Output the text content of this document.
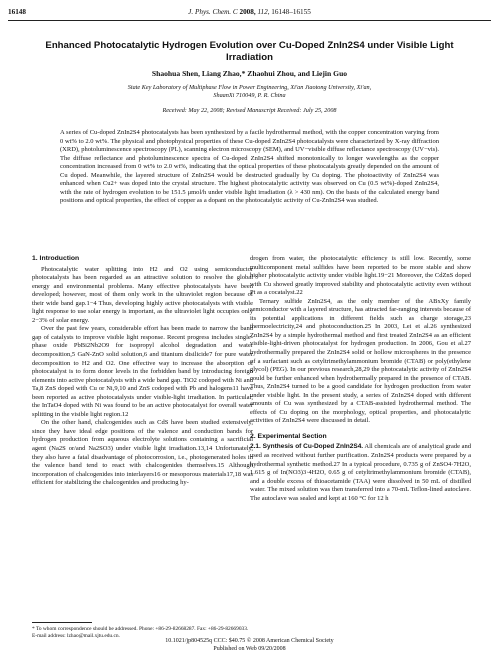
16148	J. Phys. Chem. C 2008, 112, 16148–16155
Enhanced Photocatalytic Hydrogen Evolution over Cu-Doped ZnIn2S4 under Visible Light Irradiation
Shaohua Shen, Liang Zhao,* Zhaohui Zhou, and Liejin Guo
State Key Laboratory of Multiphase Flow in Power Engineering, Xi'an Jiaotong University, Xi'an,
ShaanXi 710049, P. R. China
Received: May 22, 2008; Revised Manuscript Received: July 25, 2008
A series of Cu-doped ZnIn2S4 photocatalysts has been synthesized by a facile hydrothermal method, with the copper concentration varying from 0 wt% to 2.0 wt%. The physical and photophysical properties of these Cu-doped ZnIn2S4 photocatalysts were characterized by X-ray diffraction (XRD), photoluminescence spectroscopy (PL), scanning electron microscopy (SEM), and UV−visible diffuse reflectance spectroscopy (UV−vis). The diffuse reflectance and photoluminescence spectra of Cu-doped ZnIn2S4 shifted monotonically to longer wavelengths as the copper concentration increased from 0 wt% to 2.0 wt%, indicating that the optical properties of these photocatalysts greatly depended on the amount of Cu doped. Meanwhile, the layered structure of ZnIn2S4 would be destructed gradually by Cu doping. The photoactivity of ZnIn2S4 was enhanced when Cu2+ was doped into the crystal structure. The highest photocatalytic activity was observed on Cu (0.5 wt%)-doped ZnIn2S4, with the rate of hydrogen evolution to be 151.5 μmol/h under visible light irradiation (λ > 430 nm). On the basis of the calculated energy band positions and optical properties, the effect of copper as a dopant on the photocatalytic activity of Cu-ZnIn2S4 was studied.
1. Introduction

Photocatalytic water splitting into H2 and O2 using semiconductor photocatalysts has been regarded as an attractive solution to resolve the global energy and environmental problems. Many effective photocatalysts have been developed; however, most of them only work in the ultraviolet region because of their wide band gap.1−4 Thus, developing highly active photocatalysts with visible light response to use solar energy is important, as the ultraviolet light occupies only 2−3% of solar energy.

Over the past few years, considerable effort has been made to narrow the band gap of catalysts to improve visible light response. Recent progress includes single-phase oxide PbBi2Nb2O9 for isopropyl alcohol degradation and water decomposition,5 GaN-ZnO solid solution,6 and titanium disilicide7 for pure water decomposition to H2 and O2. One effective way to increase the absorption of photocatalyst is to form donor levels in the forbidden band by introducing foreign elements into active photocatalysts with a wide band gap. TiO2 codoped with Ni and Ta,8 ZnS doped with Cu or Ni,9,10 and ZnS codoped with Pb and halogens11 have been reported as active photocatalysts under visible-light irradiation. In particular, the InTaO4 doped with Ni was found to be an active photocatalyst for overall water splitting in the visible light region.12

On the other hand, chalcogenides such as CdS have been studied extensively, since they have ideal edge positions of the valence and conduction bands for hydrogen production from aqueous electrolyte solutions containing a sacrificial agent (Na2S or/and Na2SO3) under visible light irradiation.13,14 Unfortunately, they also have a fatal disadvantage of photocorrosion, i.e., photogenerated holes in the valence band tend to react with chalcogenides themselves.15 Although incorporation of chalcogenides into interlayers16 or mesoporous materials17,18 was efficient for stabilizing the chalcogenides and producing hy-

drogen from water, the photocatalytic efficiency is still low. Recently, some multicomponent metal sulfides have been reported to be more stable and show higher photocatalytic activity under visible light.19−21 Moreover, the CdZnS doped with Cu showed greatly improved stability and photocatalytic activity even without Pt as a cocatalyst.22

Ternary sulfide ZnIn2S4, as the only member of the ABxXy family semiconductor with a layered structure, has attracted far-ranging interests because of its potential applications in different fields such as charge storage,23 thermoelectricity,24 and photoconduction.25 In 2003, Lei et al.26 synthesized ZnIn2S4 by a simple hydrothermal method and first treated ZnIn2S4 as an efficient visible-light-driven photocatalyst for hydrogen production. In 2006, Gou et al.27 hydrothermally prepared the ZnIn2S4 solid or hollow microspheres in the presence of a surfactant such as cetyltrimethylammonium bromide (CTAB) or poly(ethylene glycol) (PEG). In our previous research,28,29 the photocatalytic activity of ZnIn2S4 could be further enhanced when hydrothermally prepared in the presence of CTAB. Thus, ZnIn2S4 turned to be a good candidate for hydrogen production from water under visible light. In the present study, a series of ZnIn2S4 doped with different amounts of Cu was synthesized by a CTAB-assisted hydrothermal method. The effects of Cu doping on the morphology, optical properties, and photocatalytic activities of ZnIn2S4 were discussed in detail.

2. Experimental Section

2.1. Synthesis of Cu-Doped ZnIn2S4. All chemicals are of analytical grade and used as received without further purification. ZnIn2S4 products were prepared by a hydrothermal synthetic method.27 In a typical procedure, 0.735 g of ZnSO4·7H2O, 1.615 g of In(NO3)3·4H2O, 0.65 g of cetyltrimethylammonium bromide (CTAB), and a double excess of thioacetamide (TAA) were dissolved in 50 mL of distilled water. The mixed solution was then transferred into a 70-mL Teflon-lined autoclave. The autoclave was sealed and kept at 160 °C for 12 h

* To whom correspondence should be addressed. Phone: +86-29-82668287. Fax: +86-29-82669033. E-mail address: lzhao@mail.xjtu.edu.cn.
10.1021/jp804525q CCC: $40.75 © 2008 American Chemical Society
Published on Web 09/20/2008
